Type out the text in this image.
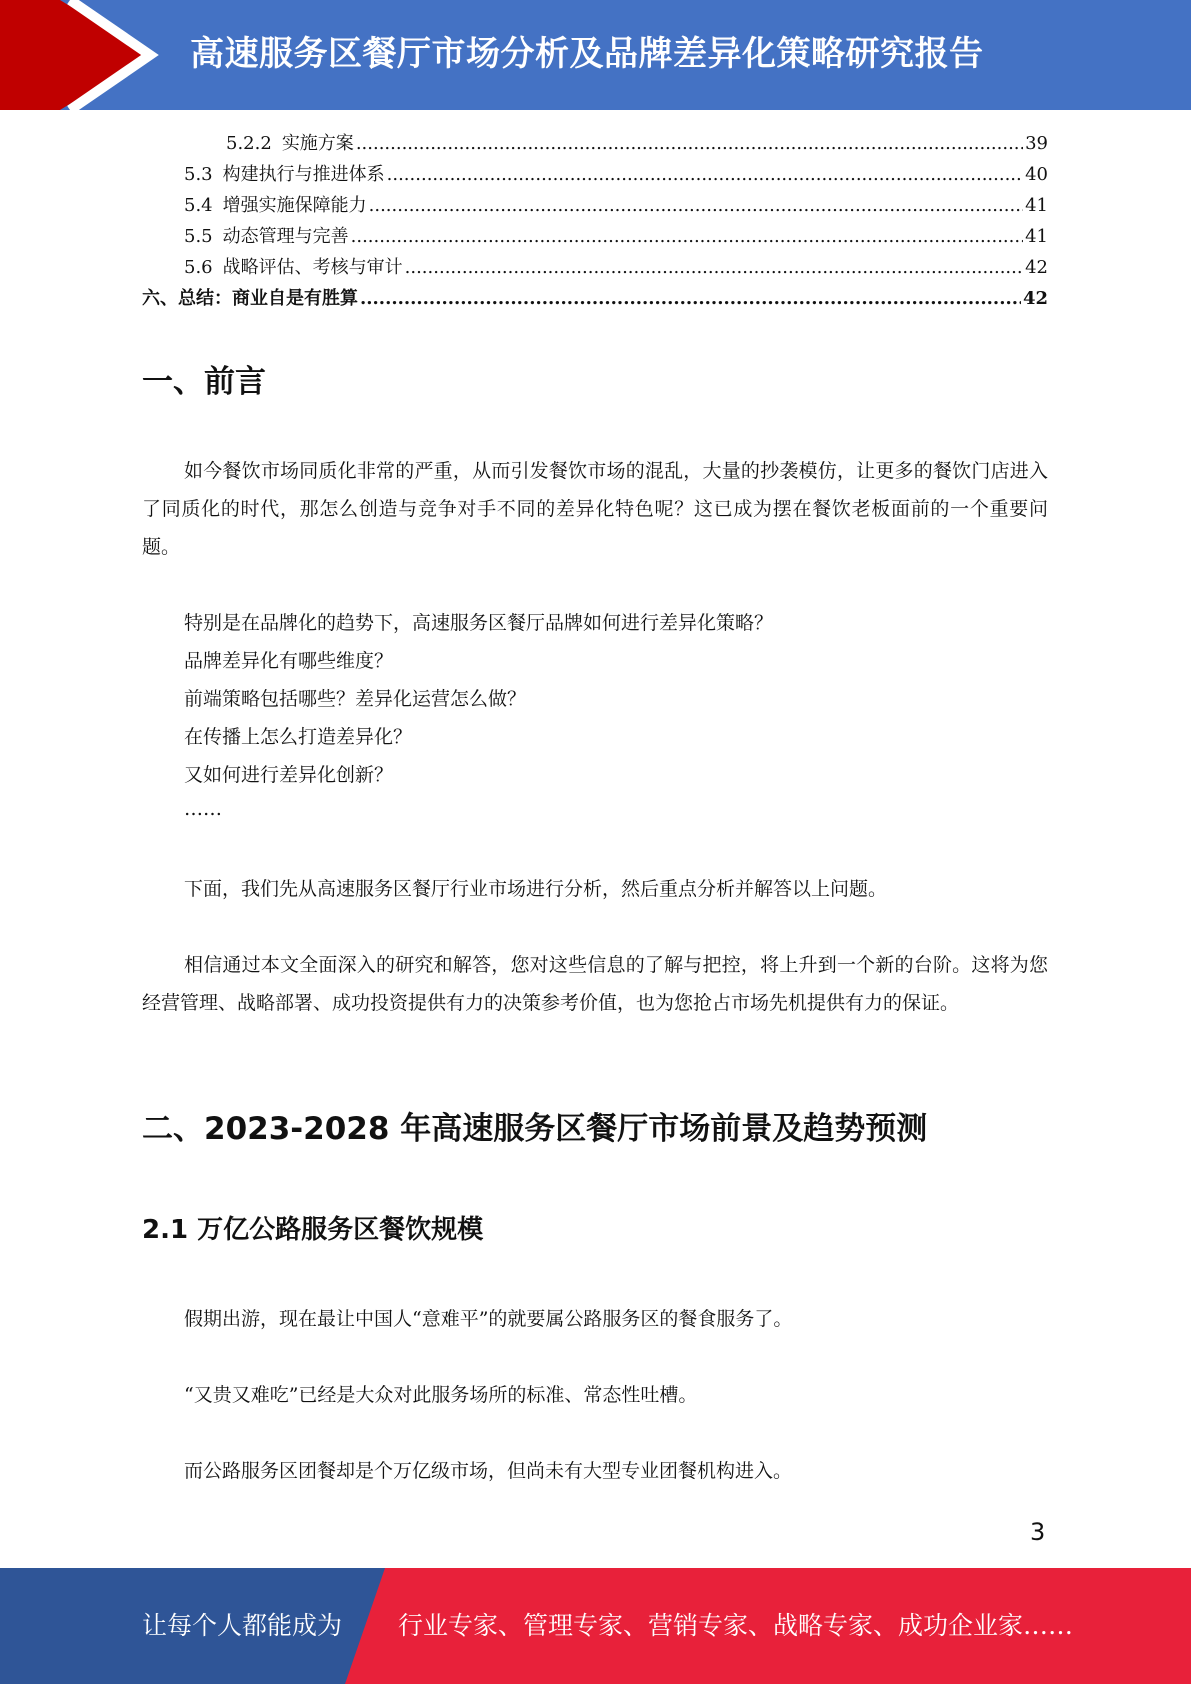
高速服务区餐厅市场分析及品牌差异化策略研究报告
5.2.2 实施方案 .....	39
5.3 构建执行与推进体系 .....	40
5.4 增强实施保障能力 .....	41
5.5 动态管理与完善 .....	41
5.6 战略评估、考核与审计 .....	42
六、总结：商业自是有胜算 .....	42
一、前言
如今餐饮市场同质化非常的严重，从而引发餐饮市场的混乱，大量的抄袭模仿，让更多的餐饮门店进入了同质化的时代，那怎么创造与竞争对手不同的差异化特色呢？这已成为摆在餐饮老板面前的一个重要问题。
特别是在品牌化的趋势下，高速服务区餐厅品牌如何进行差异化策略？
品牌差异化有哪些维度？
前端策略包括哪些？差异化运营怎么做？
在传播上怎么打造差异化？
又如何进行差异化创新？
……
下面，我们先从高速服务区餐厅行业市场进行分析，然后重点分析并解答以上问题。
相信通过本文全面深入的研究和解答，您对这些信息的了解与把控，将上升到一个新的台阶。这将为您经营管理、战略部署、成功投资提供有力的决策参考价值，也为您抢占市场先机提供有力的保证。
二、2023-2028 年高速服务区餐厅市场前景及趋势预测
2.1 万亿公路服务区餐饮规模
假期出游，现在最让中国人“意难平”的就要属公路服务区的餐食服务了。
“又贵又难吃”已经是大众对此服务场所的标准、常态性吐槽。
而公路服务区团餐却是个万亿级市场，但尚未有大型专业团餐机构进入。
3
让每个人都能成为 行业专家、管理专家、营销专家、战略专家、成功企业家……
